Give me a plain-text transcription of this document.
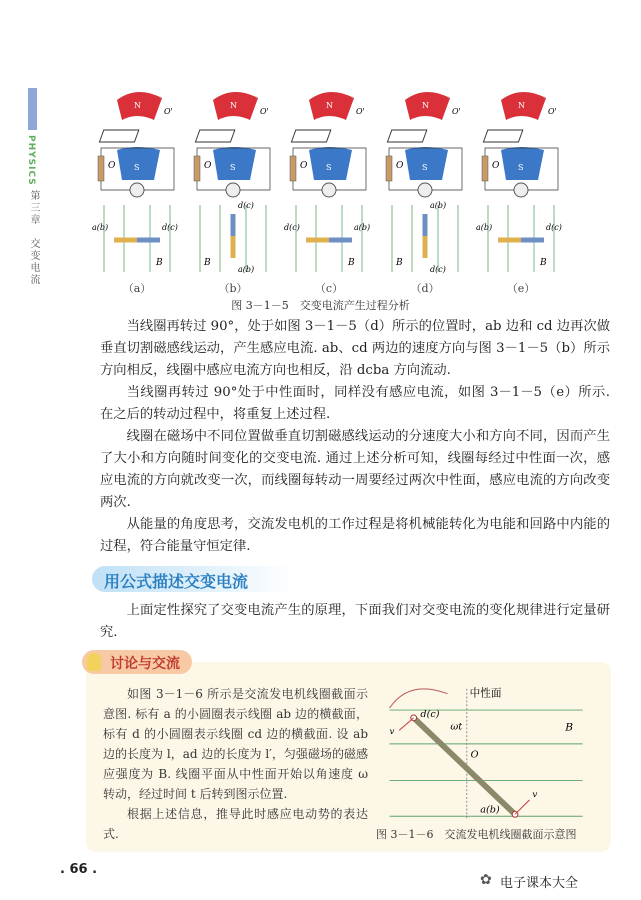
PHYSICS
第三章　交变电流
N
O'
S
O
a(b)	d(c)
B
（a）
N
O'
S
O
d(c)
a(b)
B
（b）
N
O'
S
O
d(c)	a(b)
B
（c）
N
O'
S
O
a(b)
d(c)
B
（d）
N
O'
S
O
a(b)	d(c)
B
（e）
图 3－1－5　交变电流产生过程分析

当线圈再转过 90°，处于如图 3－1－5（d）所示的位置时，ab 边和 cd 边再次做垂直切割磁感线运动，产生感应电流. ab、cd 两边的速度方向与图 3－1－5（b）所示方向相反，线圈中感应电流方向也相反，沿 dcba 方向流动.

当线圈再转过 90°处于中性面时，同样没有感应电流，如图 3－1－5（e）所示. 在之后的转动过程中，将重复上述过程.

线圈在磁场中不同位置做垂直切割磁感线运动的分速度大小和方向不同，因而产生了大小和方向随时间变化的交变电流. 通过上述分析可知，线圈每经过中性面一次，感应电流的方向就改变一次，而线圈每转动一周要经过两次中性面，感应电流的方向改变两次.

从能量的角度思考，交流发电机的工作过程是将机械能转化为电能和回路中内能的过程，符合能量守恒定律.

用公式描述交变电流

上面定性探究了交变电流产生的原理，下面我们对交变电流的变化规律进行定量研究.

讨论与交流

如图 3－1－6 所示是交流发电机线圈截面示意图. 标有 a 的小圆圈表示线圈 ab 边的横截面，标有 d 的小圆圈表示线圈 cd 边的横截面. 设 ab 边的长度为 l，ad 边的长度为 l′，匀强磁场的磁感应强度为 B. 线圈平面从中性面开始以角速度 ω 转动，经过时间 t 后转到图示位置.

根据上述信息，推导此时感应电动势的表达式.

中性面
d(c)
a(b)
ωt
O
B
v
v
图 3－1－6　交流发电机线圈截面示意图
. 66 .
✿ 电子课本大全
